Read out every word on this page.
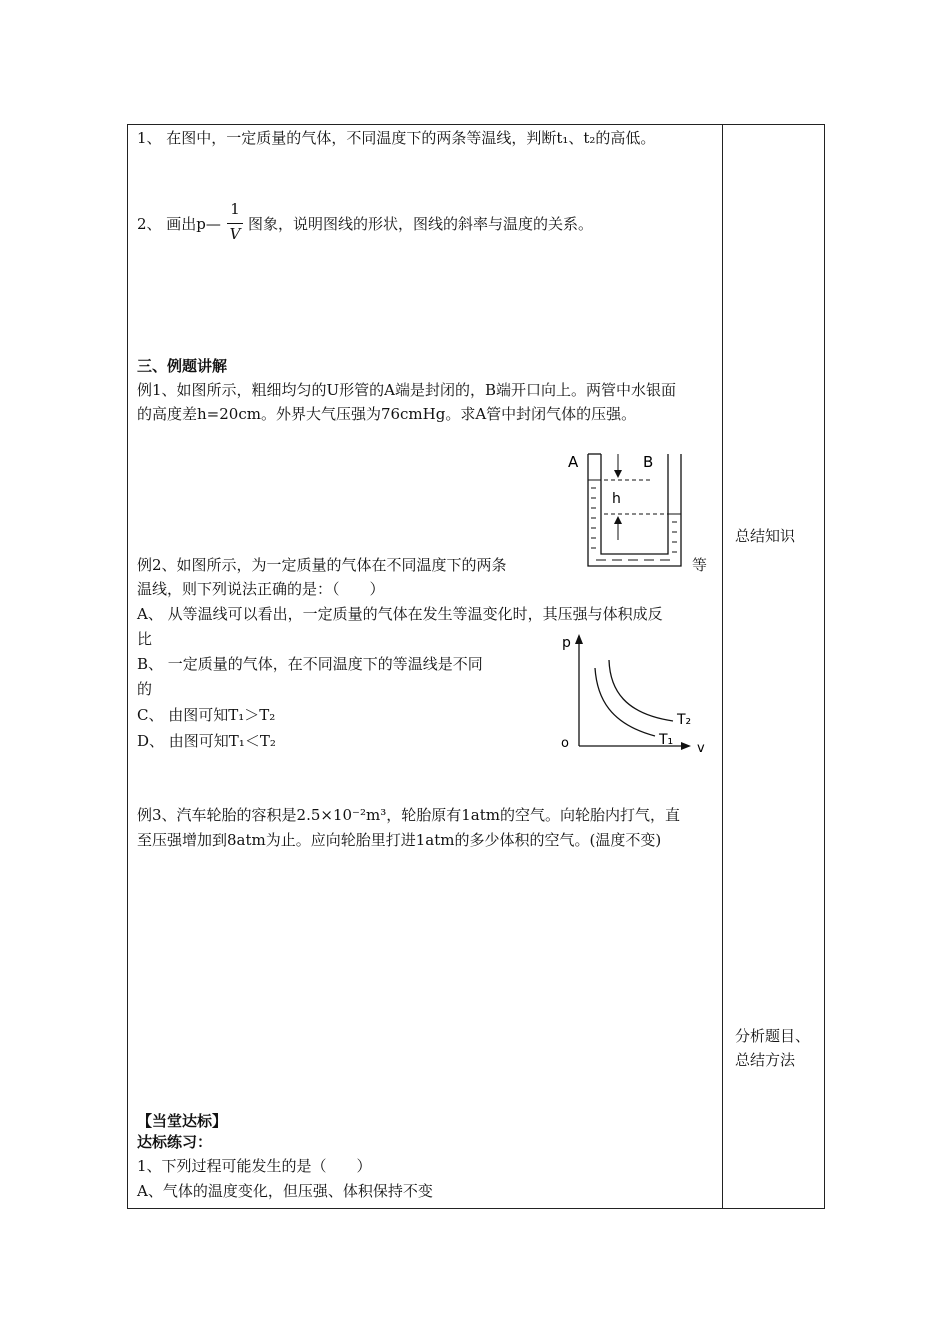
1、 在图中，一定质量的气体，不同温度下的两条等温线，判断t₁、t₂的高低。
2、 画出p—
1
V
图象，说明图线的形状，图线的斜率与温度的关系。
三、例题讲解
例1、如图所示，粗细均匀的U形管的A端是封闭的，B端开口向上。两管中水银面
的高度差h=20cm。外界大气压强为76cmHg。求A管中封闭气体的压强。
A	B
h
例2、如图所示，为一定质量的气体在不同温度下的两条	等
温线，则下列说法正确的是：（　　）
A、 从等温线可以看出，一定质量的气体在发生等温变化时，其压强与体积成反
比
B、 一定质量的气体，在不同温度下的等温线是不同
的
C、 由图可知T₁＞T₂
D、 由图可知T₁＜T₂
p
v
o	T₁
T₂
例3、汽车轮胎的容积是2.5×10⁻²m³，轮胎原有1atm的空气。向轮胎内打气，直
至压强增加到8atm为止。应向轮胎里打进1atm的多少体积的空气。(温度不变)
【当堂达标】
达标练习：
1、下列过程可能发生的是（　　）
A、气体的温度变化，但压强、体积保持不变
总结知识
分析题目、
总结方法
